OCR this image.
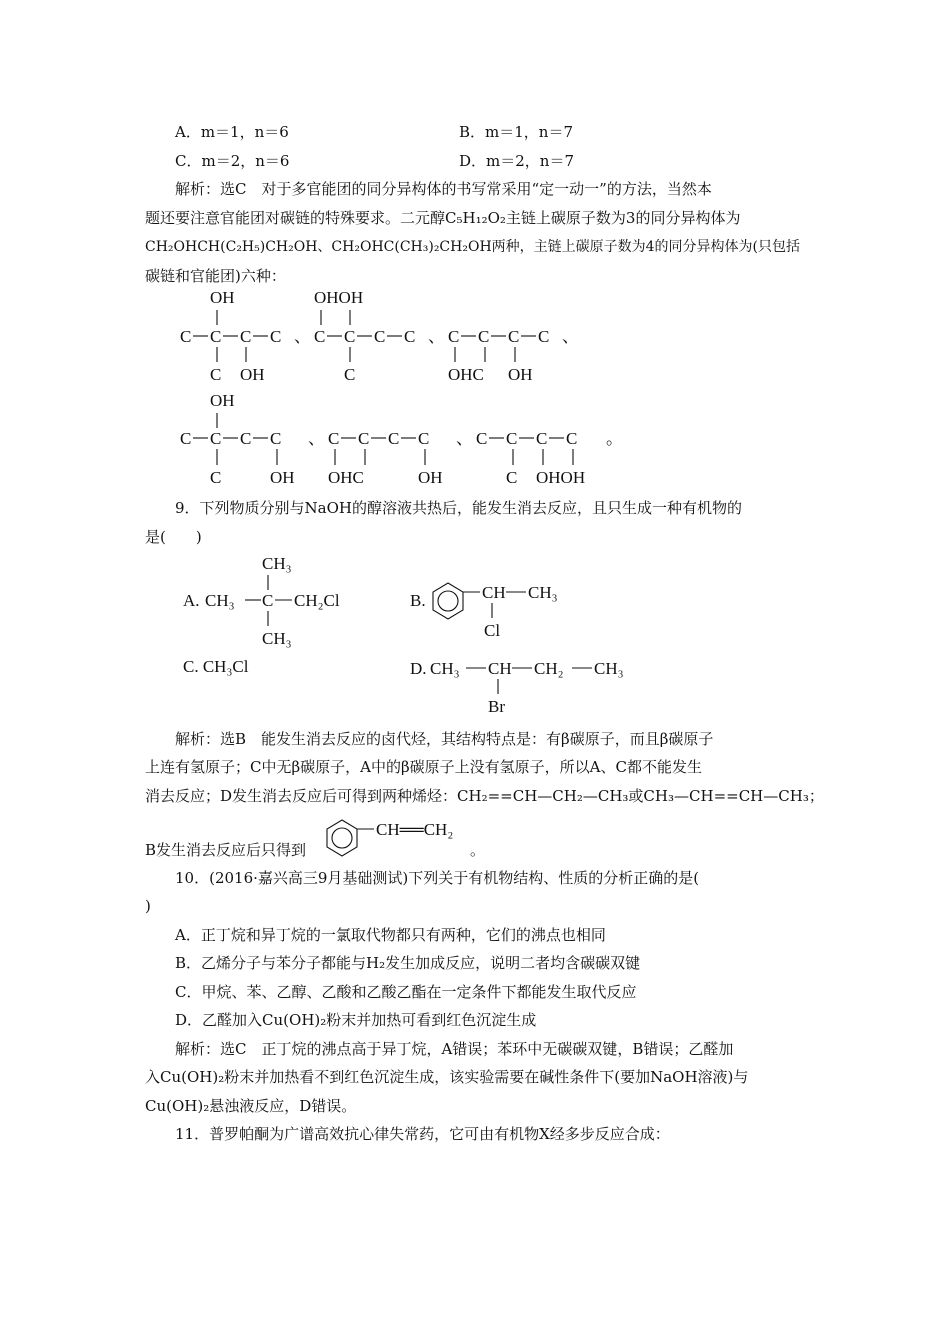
A．m＝1，n＝6	B．m＝1，n＝7
C．m＝2，n＝6	D．m＝2，n＝7
解析：选C　对于多官能团的同分异构体的书写常采用“定一动一”的方法，当然本
题还要注意官能团对碳链的特殊要求。二元醇C₅H₁₂O₂主链上碳原子数为3的同分异构体为
CH₂OHCH(C₂H₅)CH₂OH、CH₂OHC(CH₃)₂CH₂OH两种，主链上碳原子数为4的同分异构体为(只包括
碳链和官能团)六种：
OH
C C C C
C OH
、
OHOH
C C C C
C
、 C C C C
OHC OH
、
OH
C C C C
C	OH
、 C C C C
OHC	OH
、 C C C C
C OHOH
。
A. CH₃
CH₃
C CH₂Cl
CH₃
B.	CH CH₃
Cl
D. CH₃ CH CH₂ CH₃
Br
CH══CH₂
9．下列物质分别与NaOH的醇溶液共热后，能发生消去反应，且只生成一种有机物的
是(　　)
C. CH₃Cl
解析：选B　能发生消去反应的卤代烃，其结构特点是：有β碳原子，而且β碳原子
上连有氢原子；C中无β碳原子，A中的β碳原子上没有氢原子，所以A、C都不能发生
消去反应；D发生消去反应后可得到两种烯烃：CH₂==CH—CH₂—CH₃或CH₃—CH==CH—CH₃；
B发生消去反应后只得到	。
10．(2016·嘉兴高三9月基础测试)下列关于有机物结构、性质的分析正确的是(
)
A．正丁烷和异丁烷的一氯取代物都只有两种，它们的沸点也相同
B．乙烯分子与苯分子都能与H₂发生加成反应，说明二者均含碳碳双键
C．甲烷、苯、乙醇、乙酸和乙酸乙酯在一定条件下都能发生取代反应
D．乙醛加入Cu(OH)₂粉末并加热可看到红色沉淀生成
解析：选C　正丁烷的沸点高于异丁烷，A错误；苯环中无碳碳双键，B错误；乙醛加
入Cu(OH)₂粉末并加热看不到红色沉淀生成，该实验需要在碱性条件下(要加NaOH溶液)与
Cu(OH)₂悬浊液反应，D错误。
11．普罗帕酮为广谱高效抗心律失常药，它可由有机物X经多步反应合成：
